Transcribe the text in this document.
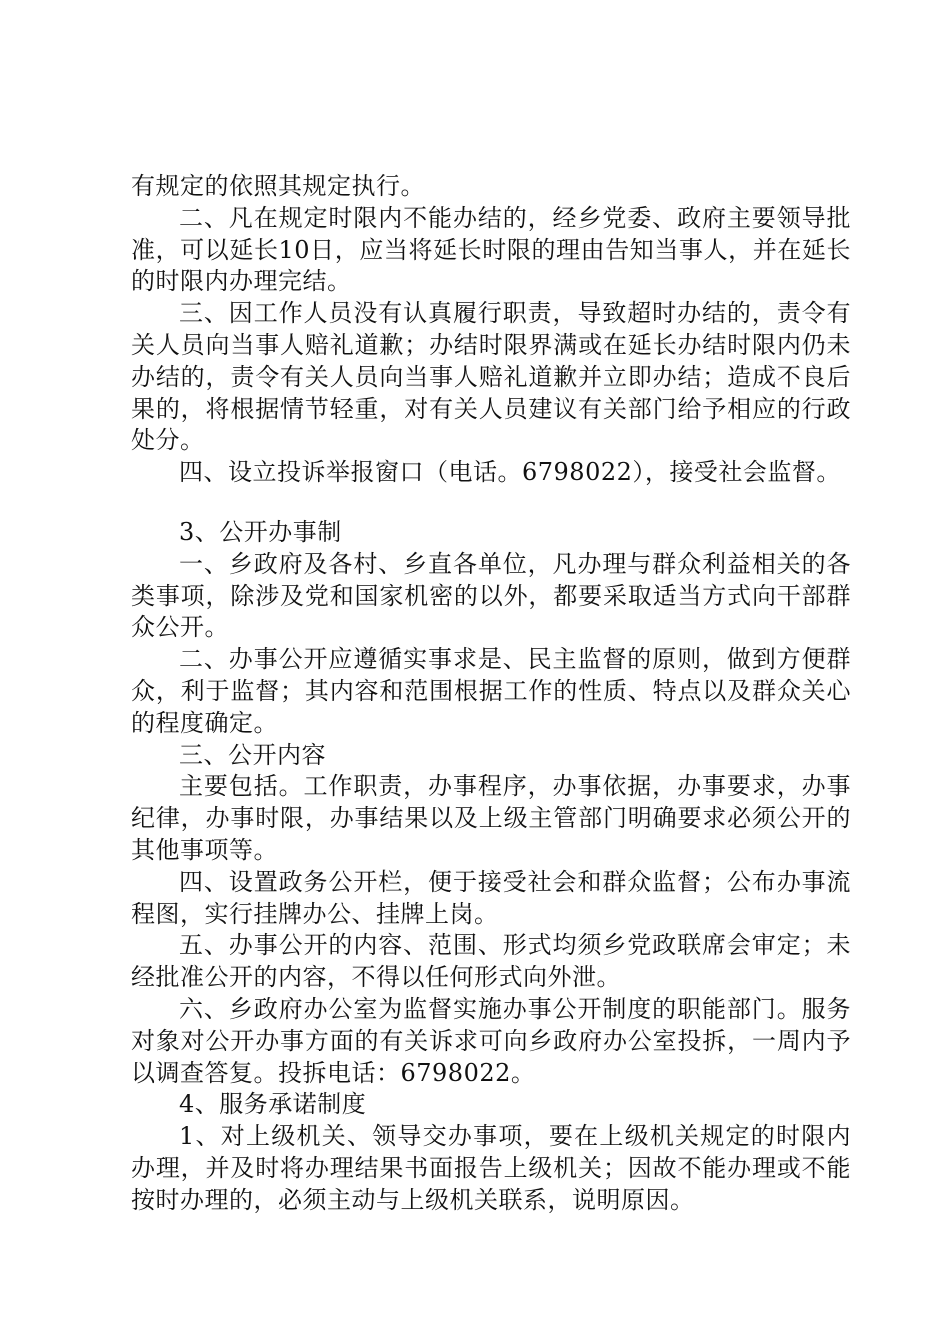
有规定的依照其规定执行。

二、凡在规定时限内不能办结的，经乡党委、政府主要领导批准，可以延长10日，应当将延长时限的理由告知当事人，并在延长的时限内办理完结。

三、因工作人员没有认真履行职责，导致超时办结的，责令有关人员向当事人赔礼道歉；办结时限界满或在延长办结时限内仍未办结的，责令有关人员向当事人赔礼道歉并立即办结；造成不良后果的，将根据情节轻重，对有关人员建议有关部门给予相应的行政处分。

四、设立投诉举报窗口（电话。6798022），接受社会监督。

3、公开办事制

一、乡政府及各村、乡直各单位，凡办理与群众利益相关的各类事项，除涉及党和国家机密的以外，都要采取适当方式向干部群众公开。

二、办事公开应遵循实事求是、民主监督的原则，做到方便群众，利于监督；其内容和范围根据工作的性质、特点以及群众关心的程度确定。

三、公开内容

主要包括。工作职责，办事程序，办事依据，办事要求，办事纪律，办事时限，办事结果以及上级主管部门明确要求必须公开的其他事项等。

四、设置政务公开栏，便于接受社会和群众监督；公布办事流程图，实行挂牌办公、挂牌上岗。

五、办事公开的内容、范围、形式均须乡党政联席会审定；未经批准公开的内容，不得以任何形式向外泄。

六、乡政府办公室为监督实施办事公开制度的职能部门。服务对象对公开办事方面的有关诉求可向乡政府办公室投拆，一周内予以调查答复。投拆电话：6798022。

4、服务承诺制度

1、对上级机关、领导交办事项，要在上级机关规定的时限内办理，并及时将办理结果书面报告上级机关；因故不能办理或不能按时办理的，必须主动与上级机关联系，说明原因。
